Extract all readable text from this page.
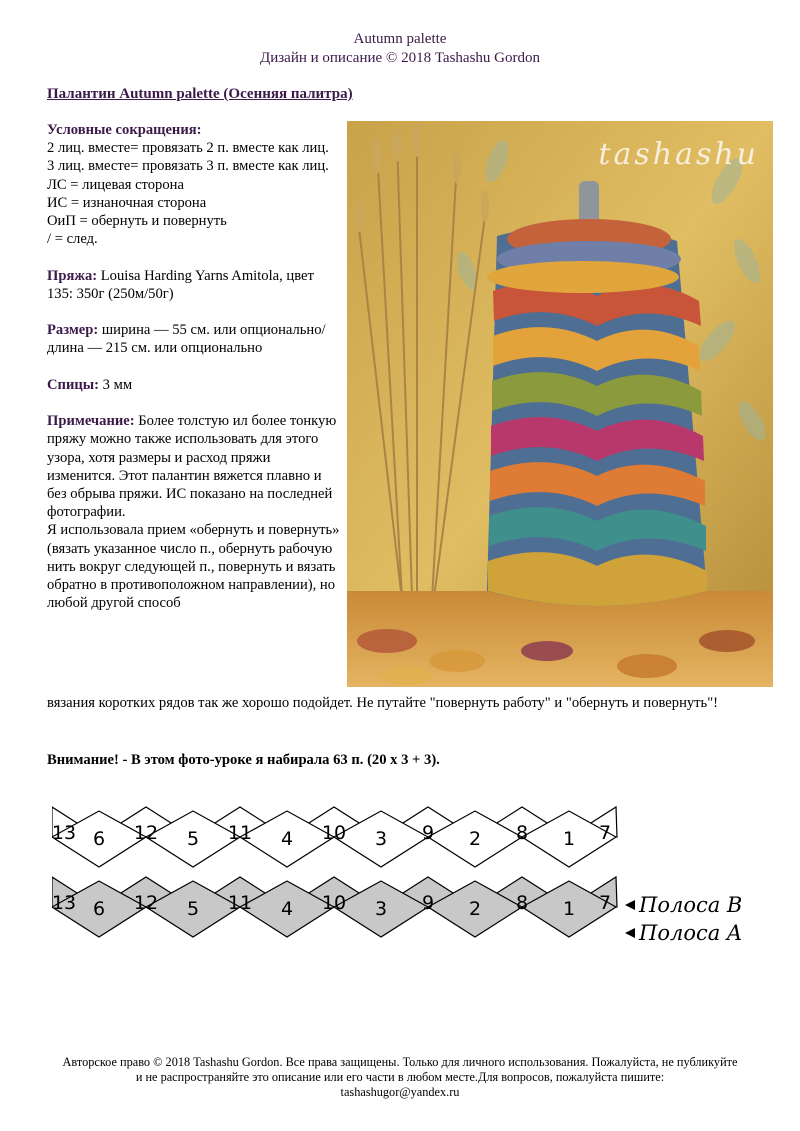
Autumn palette
Дизайн и описание © 2018 Tashashu Gordon
Палантин Autumn palette (Осенняя палитра)

Условные сокращения:
2 лиц. вместе= провязать 2 п. вместе как лиц.
3 лиц. вместе= провязать 3 п. вместе как лиц.
ЛС = лицевая сторона
ИС = изнаночная сторона
ОиП = обернуть и повернуть
/ = след.

Пряжа: Louisa Harding Yarns Amitola, цвет 135: 350г (250м/50г)

Размер: ширина — 55 см. или опционально/ длина — 215 см. или опционально

Спицы: 3 мм

Примечание: Более толстую ил более тонкую пряжу можно также использовать для этого узора, хотя размеры и расход пряжи изменится. Этот палантин вяжется плавно и без обрыва пряжи. ИС показано на последней фотографии.
Я использовала прием «обернуть и повернуть» (вязать указанное число п., обернуть рабочую нить вокруг следующей п., повернуть и вязать обратно в противоположном направлении), но любой другой способ
вязания коротких рядов так же хорошо подойдет. Не путайте "повернуть работу" и "обернуть и повернуть"!
Внимание! - В этом фото-уроке я набирала 63 п. (20 х 3 + 3).
tashashu
13	12	11	10	9	8	7
6	5	4	3	2	1
13	12	11	10	9	8	7
6	5	4	3	2	1	Полоса B
Полоса A
Авторское право © 2018 Tashashu Gordon. Все права защищены. Только для личного использования. Пожалуйста, не публикуйте и не распространяйте это описание или его части в любом месте.Для вопросов, пожалуйста пишите:
tashashugor@yandex.ru
